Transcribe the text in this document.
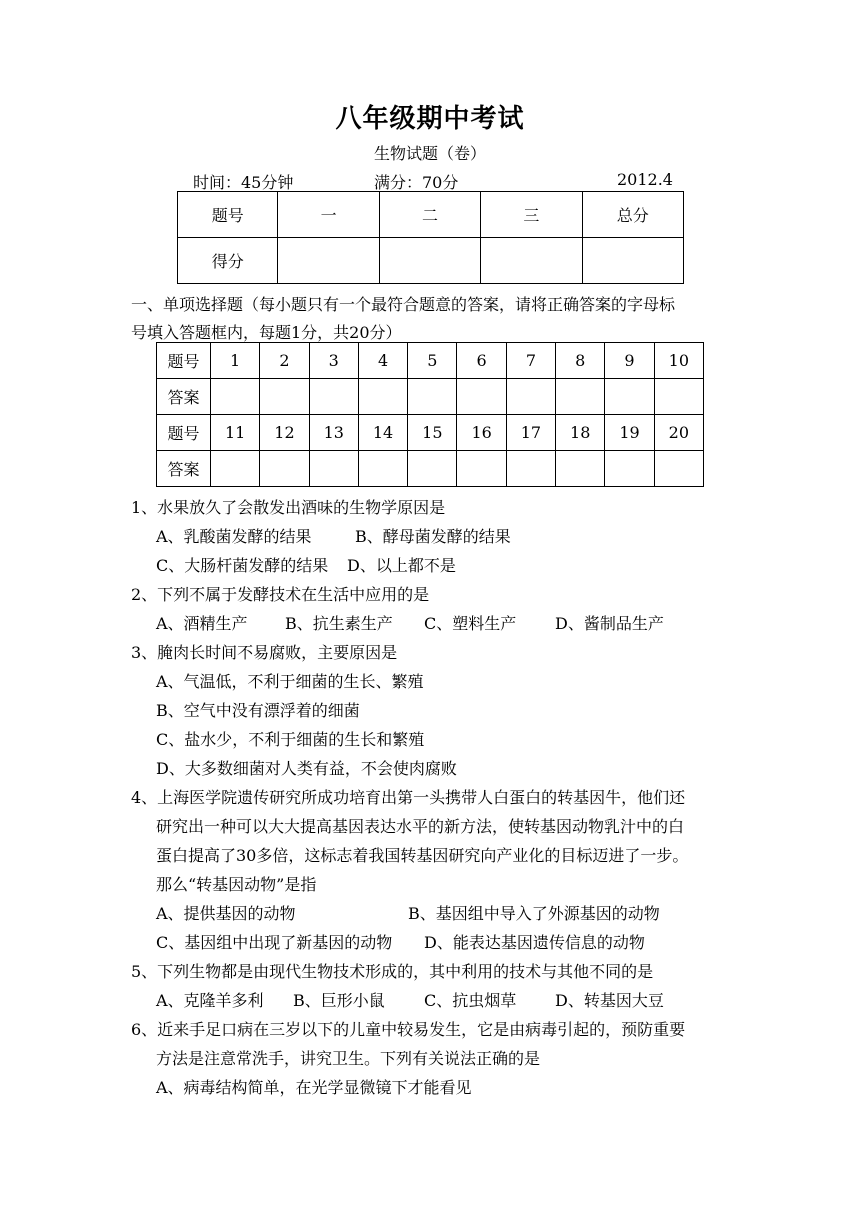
八年级期中考试
生物试题（卷）
时间：45分钟	满分：70分	2012.4
题号	一	二	三	总分
得分				
一、单项选择题（每小题只有一个最符合题意的答案，请将正确答案的字母标
号填入答题框内，每题1分，共20分）
题号	1	2	3	4	5	6	7	8	9	10
答案										
题号	11	12	13	14	15	16	17	18	19	20
答案										
1、水果放久了会散发出酒味的生物学原因是
A、乳酸菌发酵的结果	B、酵母菌发酵的结果
C、大肠杆菌发酵的结果 D、以上都不是
2、下列不属于发酵技术在生活中应用的是
A、酒精生产 B、抗生素生产 C、塑料生产 D、酱制品生产
3、腌肉长时间不易腐败，主要原因是
A、气温低，不利于细菌的生长、繁殖
B、空气中没有漂浮着的细菌
C、盐水少，不利于细菌的生长和繁殖
D、大多数细菌对人类有益，不会使肉腐败
4、上海医学院遗传研究所成功培育出第一头携带人白蛋白的转基因牛，他们还
研究出一种可以大大提高基因表达水平的新方法，使转基因动物乳汁中的白
蛋白提高了30多倍，这标志着我国转基因研究向产业化的目标迈进了一步。
那么“转基因动物”是指
A、提供基因的动物	B、基因组中导入了外源基因的动物
C、基因组中出现了新基因的动物 D、能表达基因遗传信息的动物
5、下列生物都是由现代生物技术形成的，其中利用的技术与其他不同的是
A、克隆羊多利 B、巨形小鼠 C、抗虫烟草 D、转基因大豆
6、近来手足口病在三岁以下的儿童中较易发生，它是由病毒引起的，预防重要
方法是注意常洗手，讲究卫生。下列有关说法正确的是
A、病毒结构简单，在光学显微镜下才能看见
